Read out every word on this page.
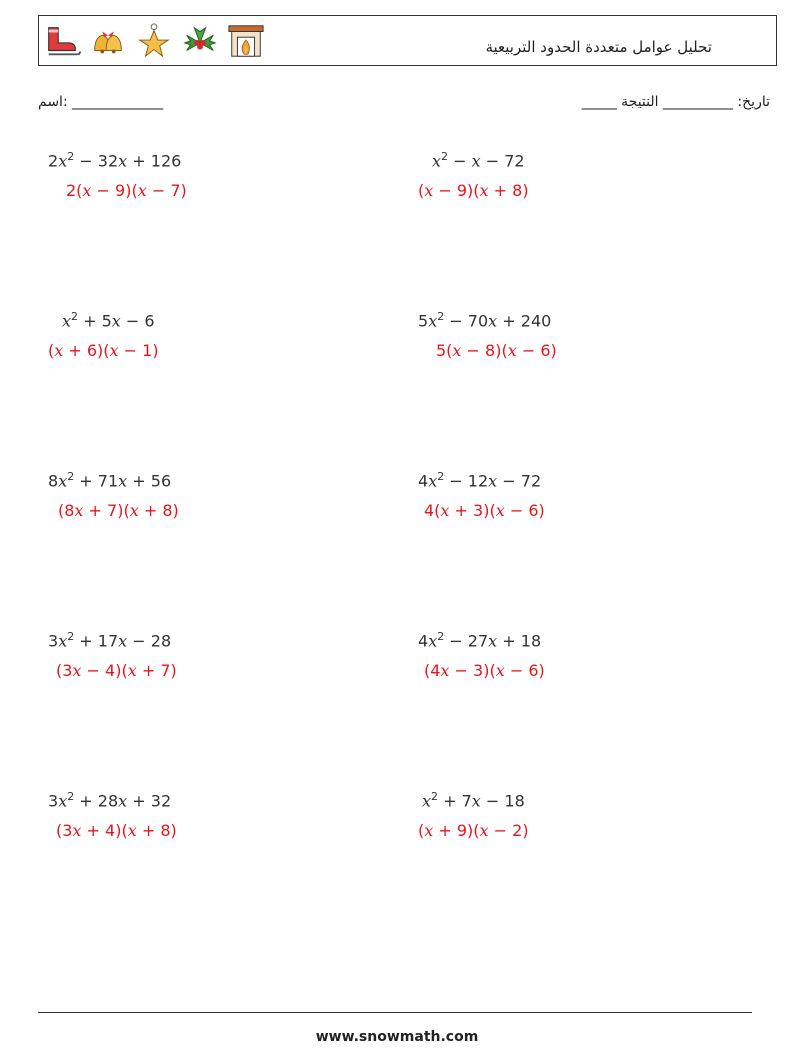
تحليل عوامل متعددة الحدود التربيعية
تاريخ: __________ النتيجة _____
اسم: _____________
$2x^2 - 32x + 126$
2(x − 9)(x − 7)
$x^2 - x - 72$
(x − 9)(x + 8)
$x^2 + 5x - 6$
(x + 6)(x − 1)
$5x^2 - 70x + 240$
5(x − 8)(x − 6)
$8x^2 + 71x + 56$
(8x + 7)(x + 8)
$4x^2 - 12x - 72$
4(x + 3)(x − 6)
$3x^2 + 17x - 28$
(3x − 4)(x + 7)
$4x^2 - 27x + 18$
(4x − 3)(x − 6)
$3x^2 + 28x + 32$
(3x + 4)(x + 8)
$x^2 + 7x - 18$
(x + 9)(x − 2)
www.snowmath.com
